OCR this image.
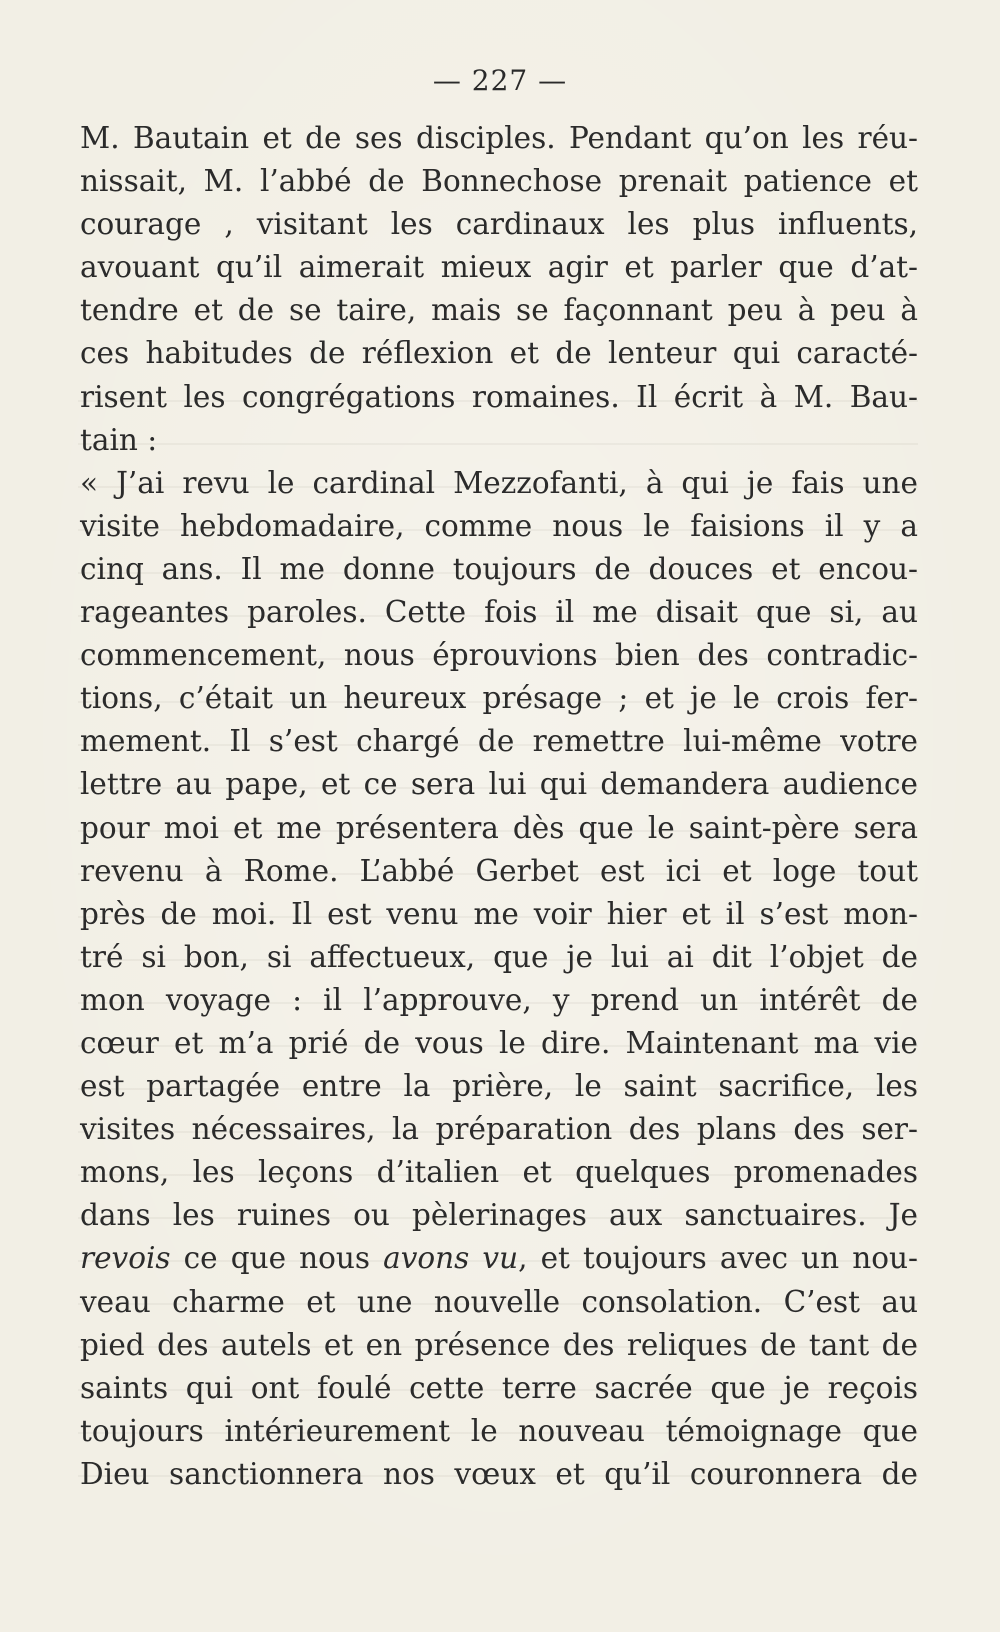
— 227 —
M. Bautain et de ses disciples. Pendant qu’on les réu-
nissait, M. l’abbé de Bonnechose prenait patience et
courage , visitant les cardinaux les plus influents,
avouant qu’il aimerait mieux agir et parler que d’at-
tendre et de se taire, mais se façonnant peu à peu à
ces habitudes de réflexion et de lenteur qui caracté-
risent les congrégations romaines. Il écrit à M. Bau-
tain :
« J’ai revu le cardinal Mezzofanti, à qui je fais une
visite hebdomadaire, comme nous le faisions il y a
cinq ans. Il me donne toujours de douces et encou-
rageantes paroles. Cette fois il me disait que si, au
commencement, nous éprouvions bien des contradic-
tions, c’était un heureux présage ; et je le crois fer-
mement. Il s’est chargé de remettre lui-même votre
lettre au pape, et ce sera lui qui demandera audience
pour moi et me présentera dès que le saint-père sera
revenu à Rome. L’abbé Gerbet est ici et loge tout
près de moi. Il est venu me voir hier et il s’est mon-
tré si bon, si affectueux, que je lui ai dit l’objet de
mon voyage : il l’approuve, y prend un intérêt de
cœur et m’a prié de vous le dire. Maintenant ma vie
est partagée entre la prière, le saint sacrifice, les
visites nécessaires, la préparation des plans des ser-
mons, les leçons d’italien et quelques promenades
dans les ruines ou pèlerinages aux sanctuaires. Je
revois ce que nous avons vu, et toujours avec un nou-
veau charme et une nouvelle consolation. C’est au
pied des autels et en présence des reliques de tant de
saints qui ont foulé cette terre sacrée que je reçois
toujours intérieurement le nouveau témoignage que
Dieu sanctionnera nos vœux et qu’il couronnera de
